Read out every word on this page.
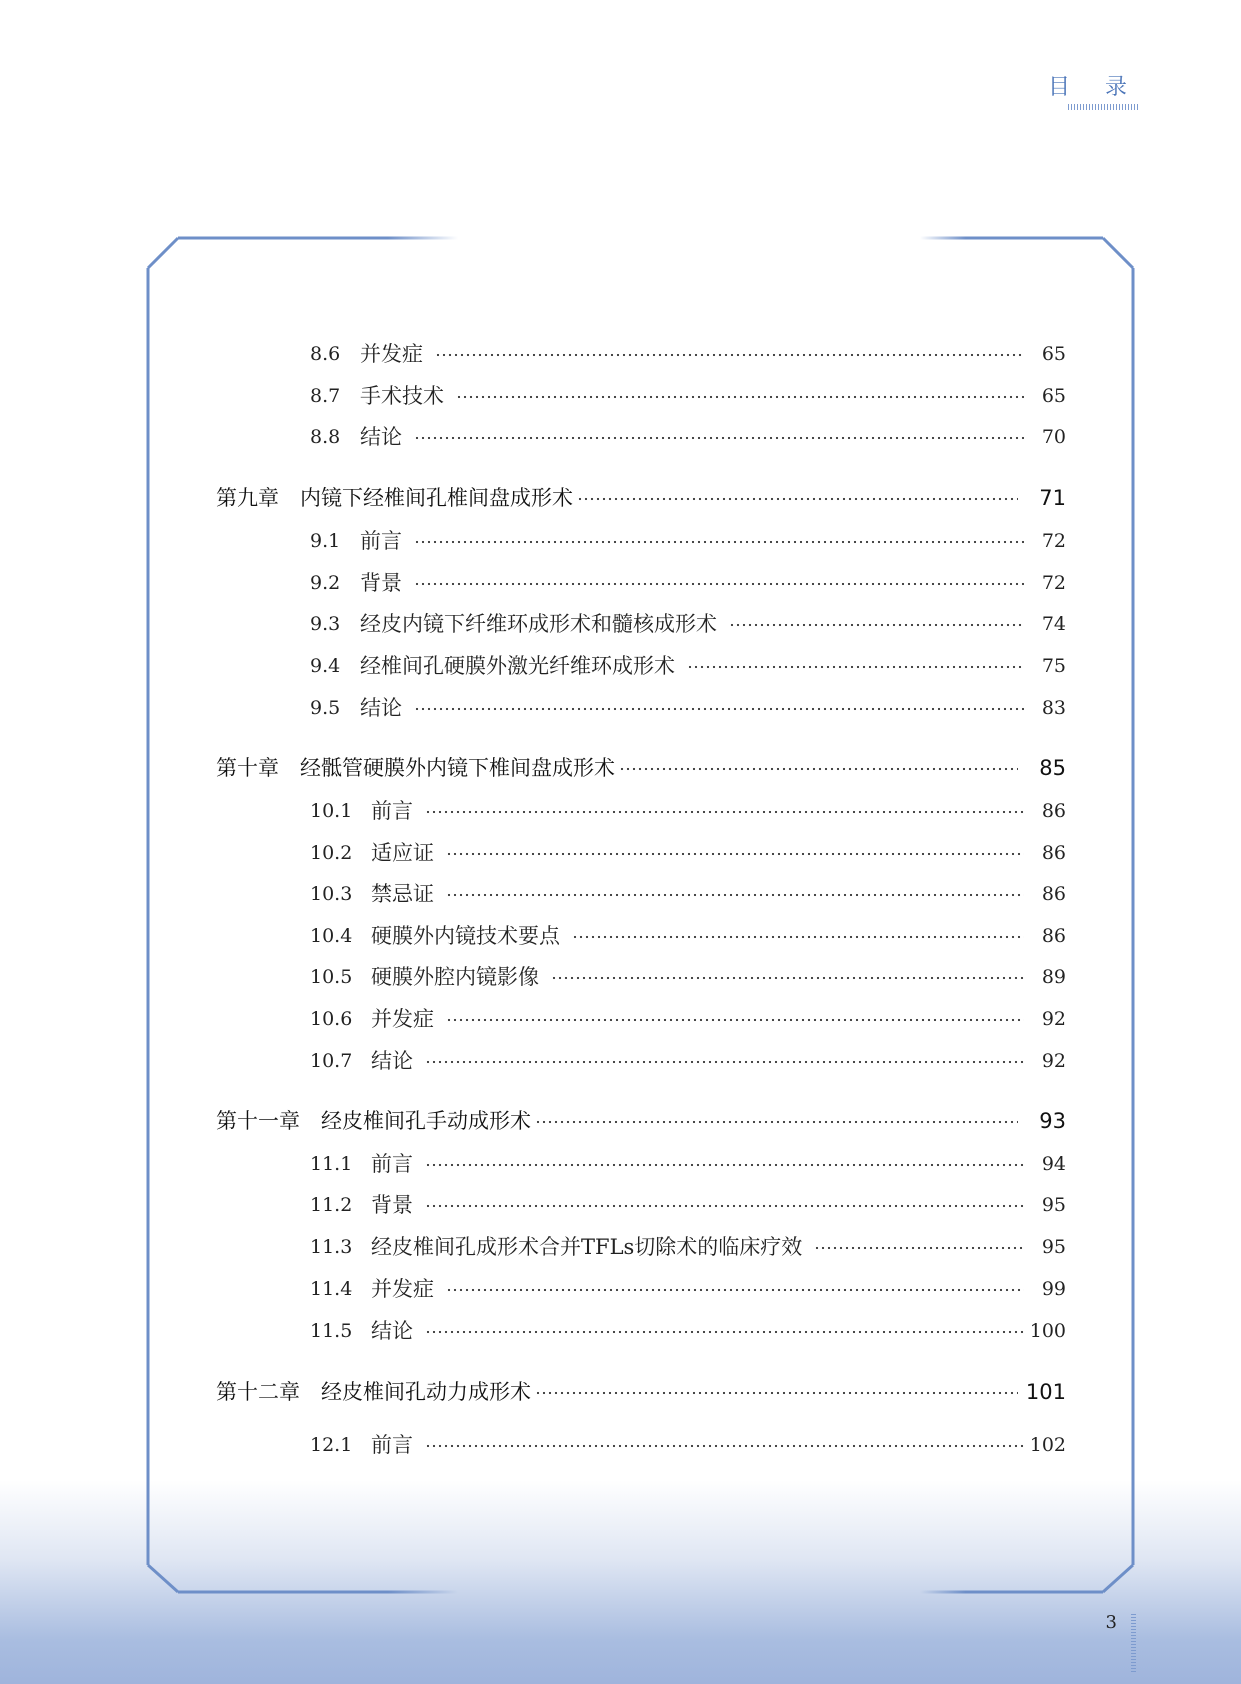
目 录
8.6 并发症	65
8.7 手术技术	65
8.8 结论	70
第九章　内镜下经椎间孔椎间盘成形术	71
9.1 前言	72
9.2 背景	72
9.3 经皮内镜下纤维环成形术和髓核成形术	74
9.4 经椎间孔硬膜外激光纤维环成形术	75
9.5 结论	83
第十章　经骶管硬膜外内镜下椎间盘成形术	85
10.1 前言	86
10.2 适应证	86
10.3 禁忌证	86
10.4 硬膜外内镜技术要点	86
10.5 硬膜外腔内镜影像	89
10.6 并发症	92
10.7 结论	92
第十一章　经皮椎间孔手动成形术	93
11.1 前言	94
11.2 背景	95
11.3 经皮椎间孔成形术合并TFLs切除术的临床疗效	95
11.4 并发症	99
11.5 结论	100
第十二章　经皮椎间孔动力成形术	101
12.1 前言	102
3
